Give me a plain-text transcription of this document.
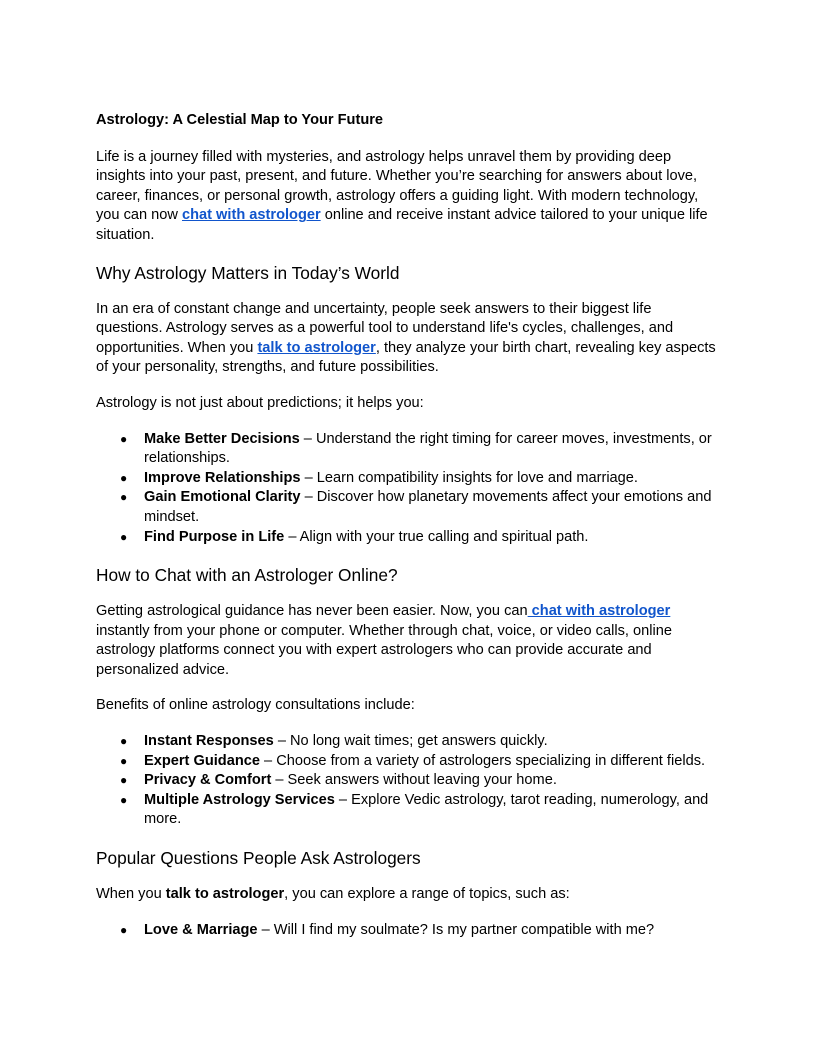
Astrology: A Celestial Map to Your Future

Life is a journey filled with mysteries, and astrology helps unravel them by providing deep insights into your past, present, and future. Whether you’re searching for answers about love, career, finances, or personal growth, astrology offers a guiding light. With modern technology, you can now chat with astrologer online and receive instant advice tailored to your unique life situation.

Why Astrology Matters in Today’s World

In an era of constant change and uncertainty, people seek answers to their biggest life questions. Astrology serves as a powerful tool to understand life's cycles, challenges, and opportunities. When you talk to astrologer, they analyze your birth chart, revealing key aspects of your personality, strengths, and future possibilities.

Astrology is not just about predictions; it helps you:

● Make Better Decisions – Understand the right timing for career moves, investments, or relationships.
● Improve Relationships – Learn compatibility insights for love and marriage.
● Gain Emotional Clarity – Discover how planetary movements affect your emotions and mindset.
● Find Purpose in Life – Align with your true calling and spiritual path.
How to Chat with an Astrologer Online?

Getting astrological guidance has never been easier. Now, you can chat with astrologer instantly from your phone or computer. Whether through chat, voice, or video calls, online astrology platforms connect you with expert astrologers who can provide accurate and personalized advice.

Benefits of online astrology consultations include:

● Instant Responses – No long wait times; get answers quickly.
● Expert Guidance – Choose from a variety of astrologers specializing in different fields.
● Privacy & Comfort – Seek answers without leaving your home.
● Multiple Astrology Services – Explore Vedic astrology, tarot reading, numerology, and more.
Popular Questions People Ask Astrologers

When you talk to astrologer, you can explore a range of topics, such as:

● Love & Marriage – Will I find my soulmate? Is my partner compatible with me?
